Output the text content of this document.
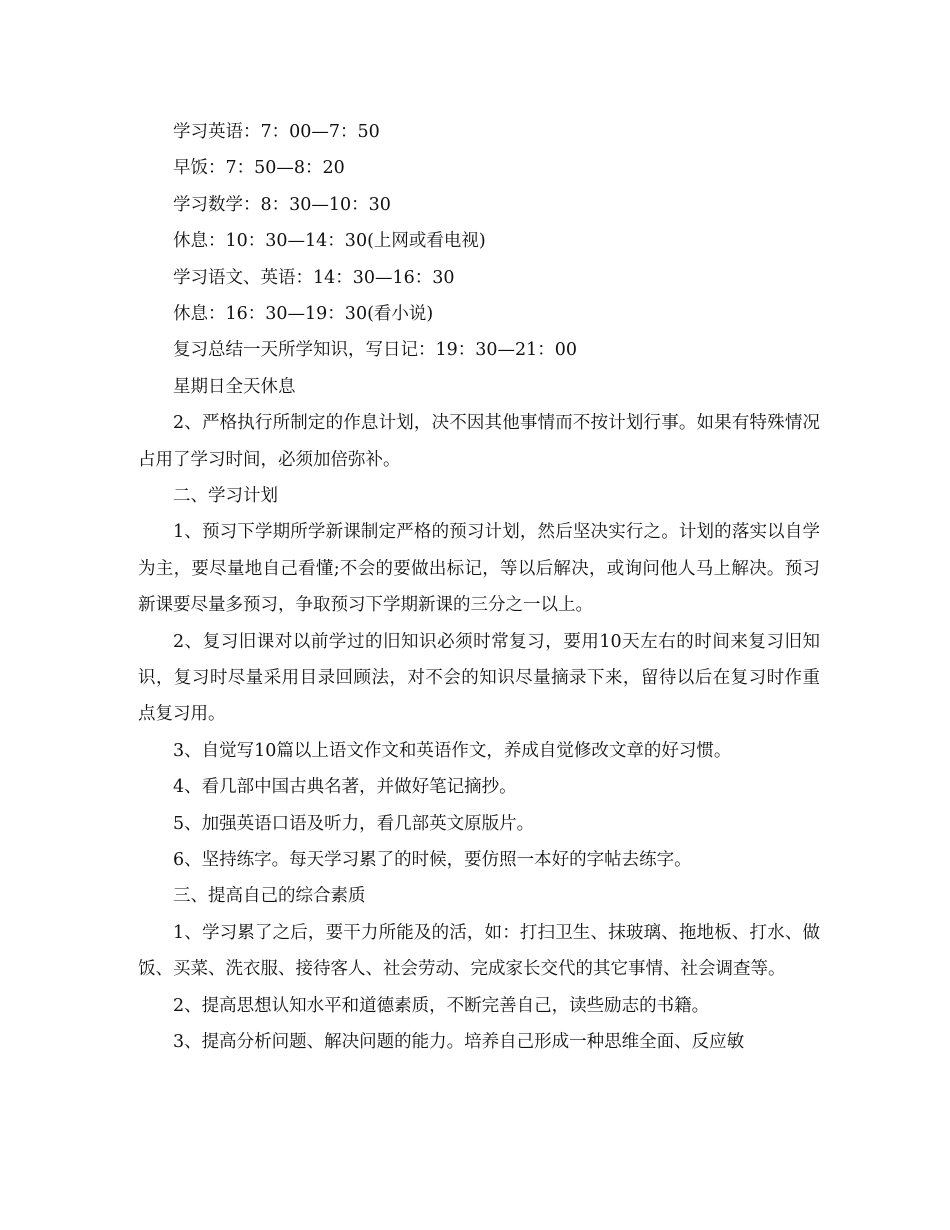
学习英语：7：00—7：50

早饭：7：50—8：20

学习数学：8：30—10：30

休息：10：30—14：30(上网或看电视)

学习语文、英语：14：30—16：30

休息：16：30—19：30(看小说)

复习总结一天所学知识，写日记：19：30—21：00

星期日全天休息

2、严格执行所制定的作息计划，决不因其他事情而不按计划行事。如果有特殊情况占用了学习时间，必须加倍弥补。

二、学习计划

1、预习下学期所学新课制定严格的预习计划，然后坚决实行之。计划的落实以自学为主，要尽量地自己看懂;不会的要做出标记，等以后解决，或询问他人马上解决。预习新课要尽量多预习，争取预习下学期新课的三分之一以上。

2、复习旧课对以前学过的旧知识必须时常复习，要用10天左右的时间来复习旧知识，复习时尽量采用目录回顾法，对不会的知识尽量摘录下来，留待以后在复习时作重点复习用。

3、自觉写10篇以上语文作文和英语作文，养成自觉修改文章的好习惯。

4、看几部中国古典名著，并做好笔记摘抄。

5、加强英语口语及听力，看几部英文原版片。

6、坚持练字。每天学习累了的时候，要仿照一本好的字帖去练字。

三、提高自己的综合素质

1、学习累了之后，要干力所能及的活，如：打扫卫生、抹玻璃、拖地板、打水、做饭、买菜、洗衣服、接待客人、社会劳动、完成家长交代的其它事情、社会调查等。

2、提高思想认知水平和道德素质，不断完善自己，读些励志的书籍。

3、提高分析问题、解决问题的能力。培养自己形成一种思维全面、反应敏
